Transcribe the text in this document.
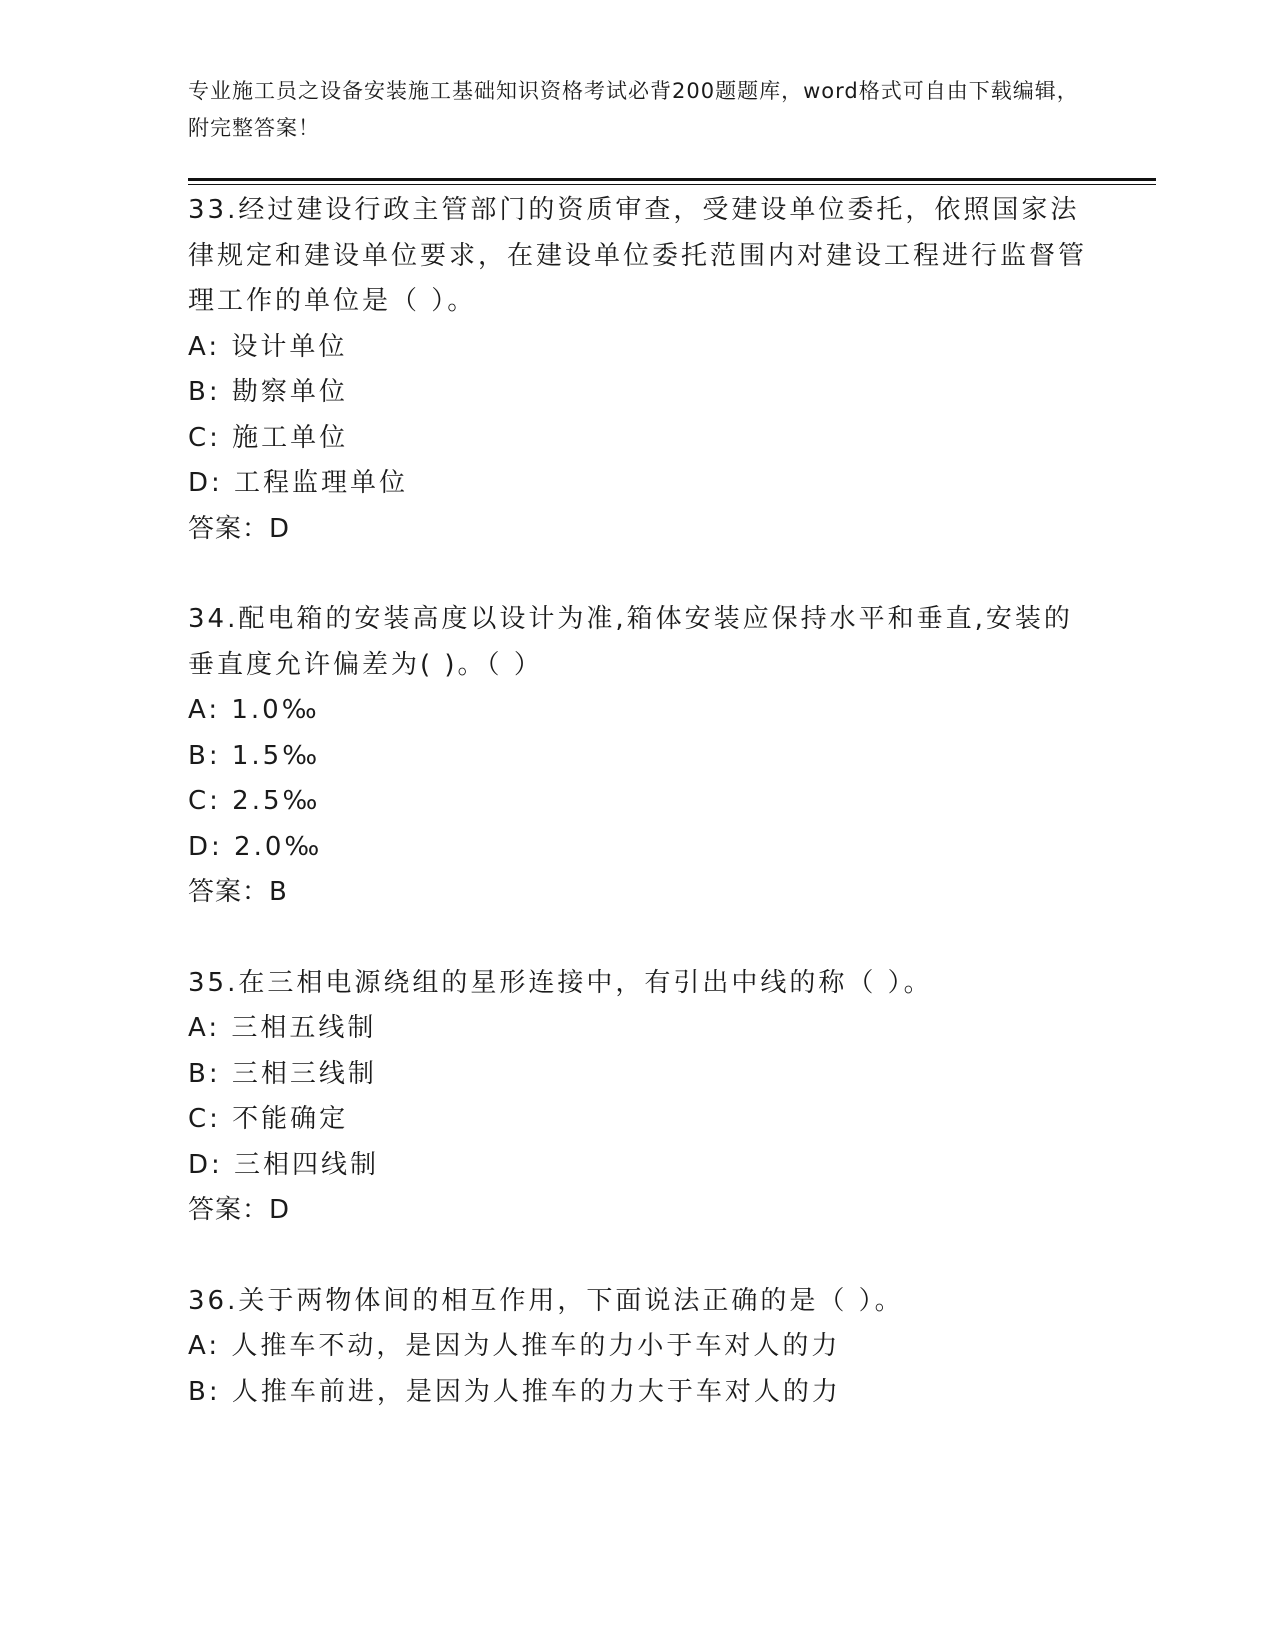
专业施工员之设备安装施工基础知识资格考试必背200题题库，word格式可自由下载编辑，附完整答案！

33.经过建设行政主管部门的资质审查，受建设单位委托，依照国家法律规定和建设单位要求，在建设单位委托范围内对建设工程进行监督管理工作的单位是（ ）。

A: 设计单位

B: 勘察单位

C: 施工单位

D: 工程监理单位

答案：D

34.配电箱的安装高度以设计为准,箱体安装应保持水平和垂直,安装的垂直度允许偏差为( )。（ ）

A: 1.0‰

B: 1.5‰

C: 2.5‰

D: 2.0‰

答案：B

35.在三相电源绕组的星形连接中，有引出中线的称（ ）。

A: 三相五线制

B: 三相三线制

C: 不能确定

D: 三相四线制

答案：D

36.关于两物体间的相互作用，下面说法正确的是（ ）。

A: 人推车不动，是因为人推车的力小于车对人的力

B: 人推车前进，是因为人推车的力大于车对人的力
